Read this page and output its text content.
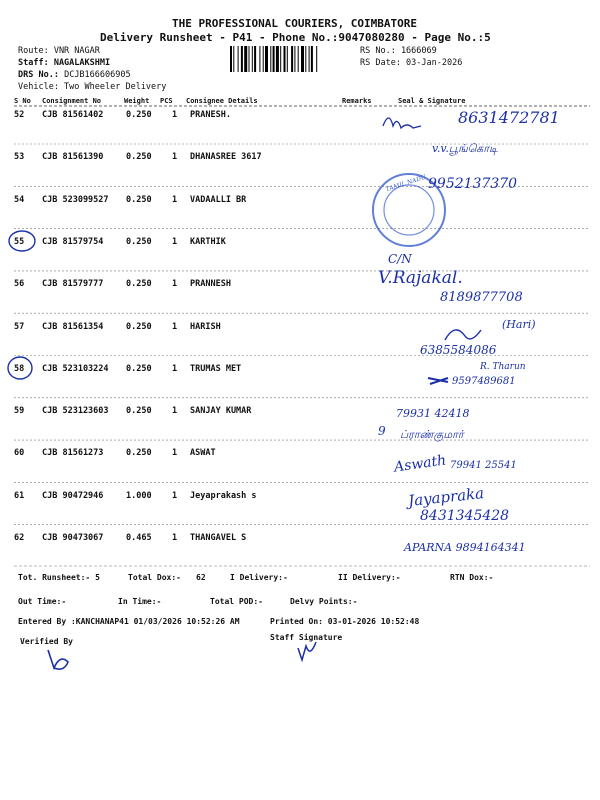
THE PROFESSIONAL COURIERS, COIMBATORE
Delivery Runsheet - P41 - Phone No.:9047080280 - Page No.:5
Route: VNR NAGAR
Staff: NAGALAKSHMI
DRS No.: DCJB166606905
Vehicle: Two Wheeler Delivery
RS No.: 1666069
RS Date: 03-Jan-2026
S No Consignment No	Weight PCS Consignee Details	Remarks	Seal & Signature
52 CJB 81561402	0.250 1 PRANESH.
53 CJB 81561390	0.250 1 DHANASREE 3617
54 CJB 523099527 0.250 1 VADAALLI BR
55 CJB 81579754	0.250 1 KARTHIK
56 CJB 81579777	0.250 1 PRANNESH
57 CJB 81561354	0.250 1 HARISH
58 CJB 523103224 0.250 1 TRUMAS MET
59 CJB 523123603 0.250 1 SANJAY KUMAR
60 CJB 81561273	0.250 1 ASWAT
61 CJB 90472946	1.000 1 Jeyaprakash s
62 CJB 90473067	0.465 1 THANGAVEL S
TAMIL NADU
8631472781
v.v.பூங்கொடி
9952137370
C/N
V.Rajakal.
8189877708
(Hari)
6385584086
R. Tharun
9597489681
79931 42418
9 ப்ராண்குமார்
Aswath 79941 25541
Jayapraka
8431345428
APARNA 9894164341
Tot. Runsheet:- 5	Total Dox:- 62	I Delivery:-	II Delivery:-	RTN Dox:-
Out Time:-	In Time:-	Total POD:-	Delvy Points:-
Entered By :KANCHANAP41 01/03/2026 10:52:26 AM	Printed On: 03-01-2026 10:52:48
Verified By	Staff Signature
